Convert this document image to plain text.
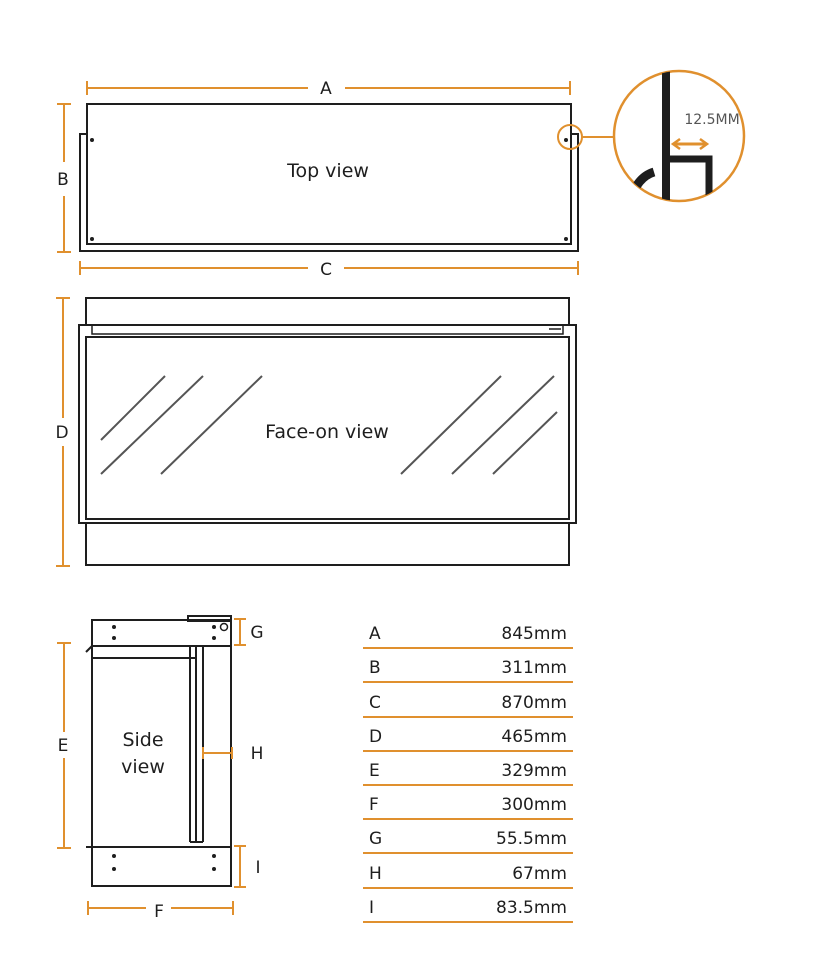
A
B	Top view
C
12.5MM
D	Face-on view
E	Side
view
G
H
I
F
A	845mm
B	311mm
C	870mm
D	465mm
E	329mm
F	300mm
G	55.5mm
H	67mm
I	83.5mm
